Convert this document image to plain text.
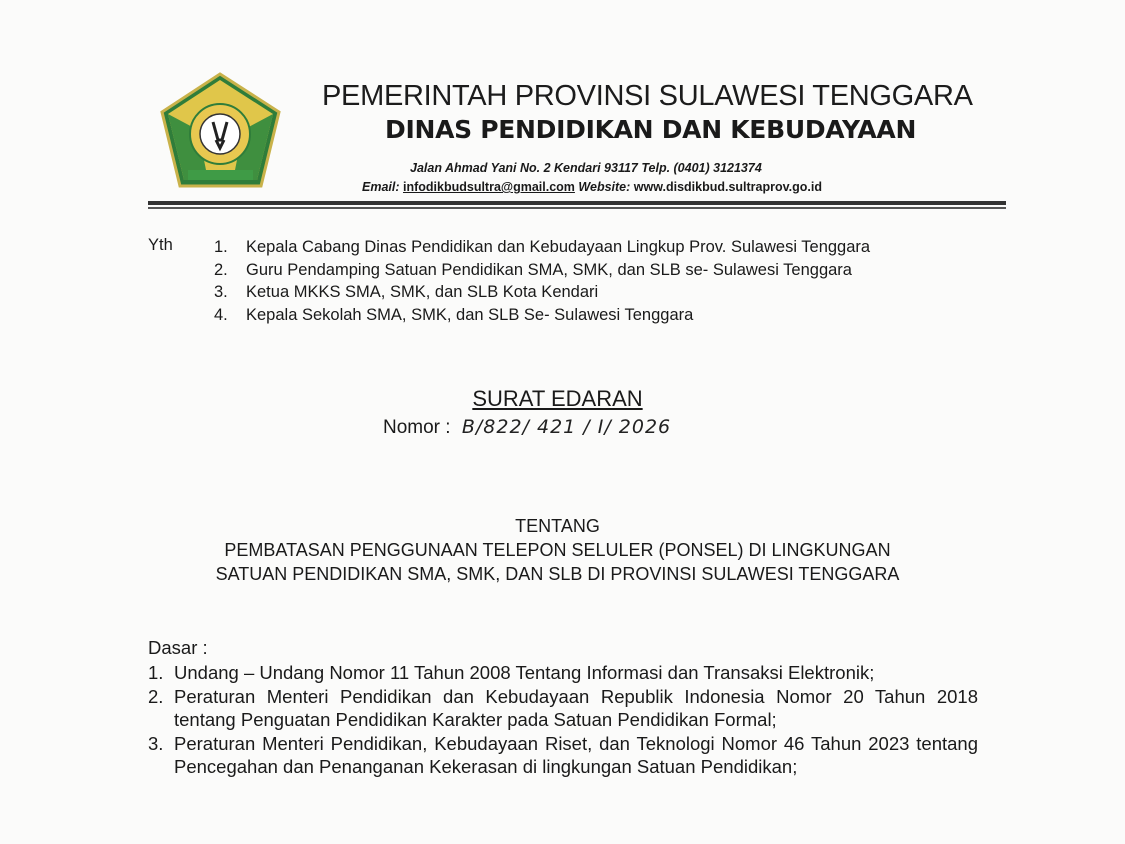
PEMERINTAH PROVINSI SULAWESI TENGGARA
DINAS PENDIDIKAN DAN KEBUDAYAAN
Jalan Ahmad Yani No. 2 Kendari 93117 Telp. (0401) 3121374
Email: infodikbudsultra@gmail.com Website: www.disdikbud.sultraprov.go.id
Yth 1. Kepala Cabang Dinas Pendidikan dan Kebudayaan Lingkup Prov. Sulawesi Tenggara
2. Guru Pendamping Satuan Pendidikan SMA, SMK, dan SLB se- Sulawesi Tenggara
3. Ketua MKKS SMA, SMK, dan SLB Kota Kendari
4. Kepala Sekolah SMA, SMK, dan SLB Se- Sulawesi Tenggara
SURAT EDARAN
Nomor : B/822/ 421 / I/ 2026
TENTANG
PEMBATASAN PENGGUNAAN TELEPON SELULER (PONSEL) DI LINGKUNGAN
SATUAN PENDIDIKAN SMA, SMK, DAN SLB DI PROVINSI SULAWESI TENGGARA
Dasar :
1. Undang – Undang Nomor 11 Tahun 2008 Tentang Informasi dan Transaksi Elektronik;
2. Peraturan Menteri Pendidikan dan Kebudayaan Republik Indonesia Nomor 20 Tahun 2018 tentang Penguatan Pendidikan Karakter pada Satuan Pendidikan Formal;
3. Peraturan Menteri Pendidikan, Kebudayaan Riset, dan Teknologi Nomor 46 Tahun 2023 tentang Pencegahan dan Penanganan Kekerasan di lingkungan Satuan Pendidikan;
